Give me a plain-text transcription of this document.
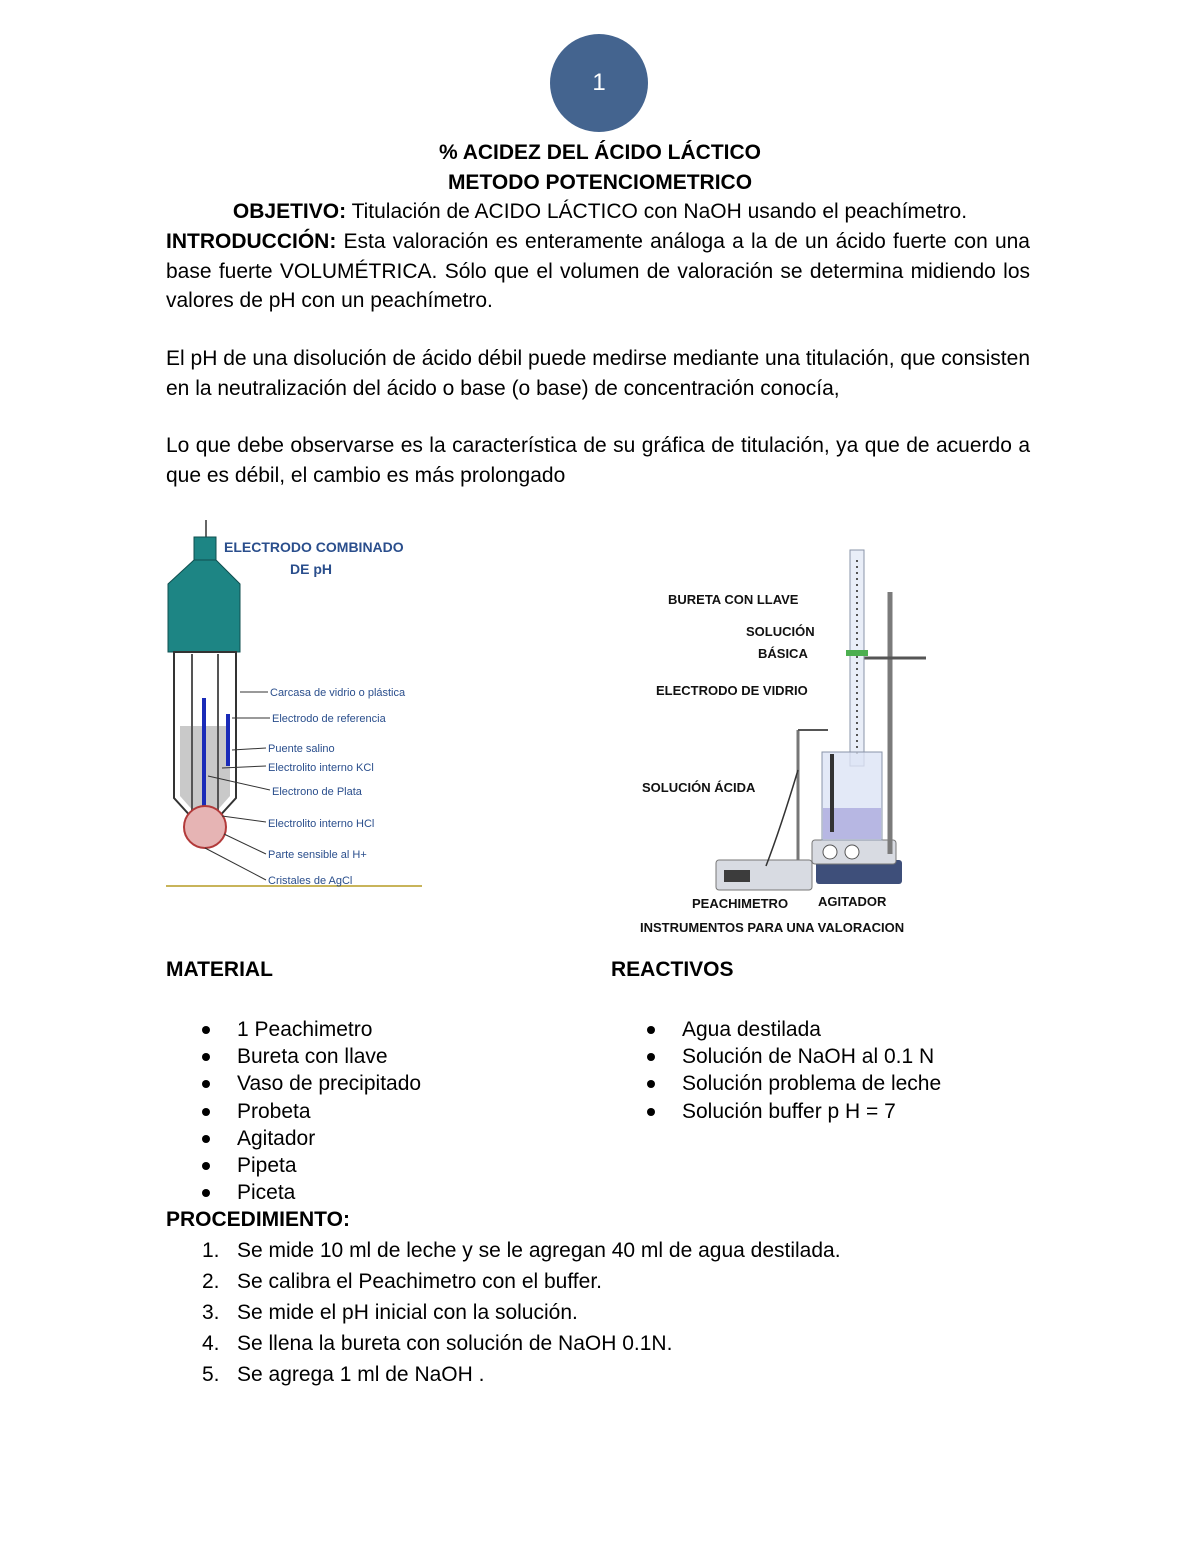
1
% ACIDEZ DEL ÁCIDO LÁCTICO
METODO POTENCIOMETRICO
OBJETIVO: Titulación de ACIDO LÁCTICO con NaOH usando el peachímetro.
INTRODUCCIÓN: Esta valoración es enteramente análoga a la de un ácido fuerte con una base fuerte VOLUMÉTRICA. Sólo que el volumen de valoración se determina midiendo los valores de pH con un peachímetro.
El pH de una disolución de ácido débil puede medirse mediante una titulación, que consisten en la neutralización del ácido o base (o base) de concentración conocía,
Lo que debe observarse es la característica de su gráfica de titulación, ya que de acuerdo a que es débil, el cambio es más prolongado
ELECTRODO COMBINADO
DE pH
Carcasa de vidrio o plástica
Electrodo de referencia
Puente salino
Electrolito interno KCl
Electrono de Plata
Electrolito interno HCl
Parte sensible al H+
Cristales de AgCl
BURETA CON LLAVE
SOLUCIÓN
BÁSICA
ELECTRODO DE VIDRIO
SOLUCIÓN ÁCIDA
PEACHIMETRO AGITADOR
INSTRUMENTOS PARA UNA VALORACION
MATERIAL	REACTIVOS
1 Peachimetro
Bureta con llave
Vaso de precipitado
Probeta
Agitador
Pipeta
Piceta
Agua destilada
Solución de NaOH al 0.1 N
Solución problema de leche
Solución buffer p H = 7
PROCEDIMIENTO:
1. Se mide 10 ml de leche y se le agregan 40 ml de agua destilada.
2. Se calibra el Peachimetro con el buffer.
3. Se mide el pH inicial con la solución.
4. Se llena la bureta con solución de NaOH 0.1N.
5. Se agrega 1 ml de NaOH .
